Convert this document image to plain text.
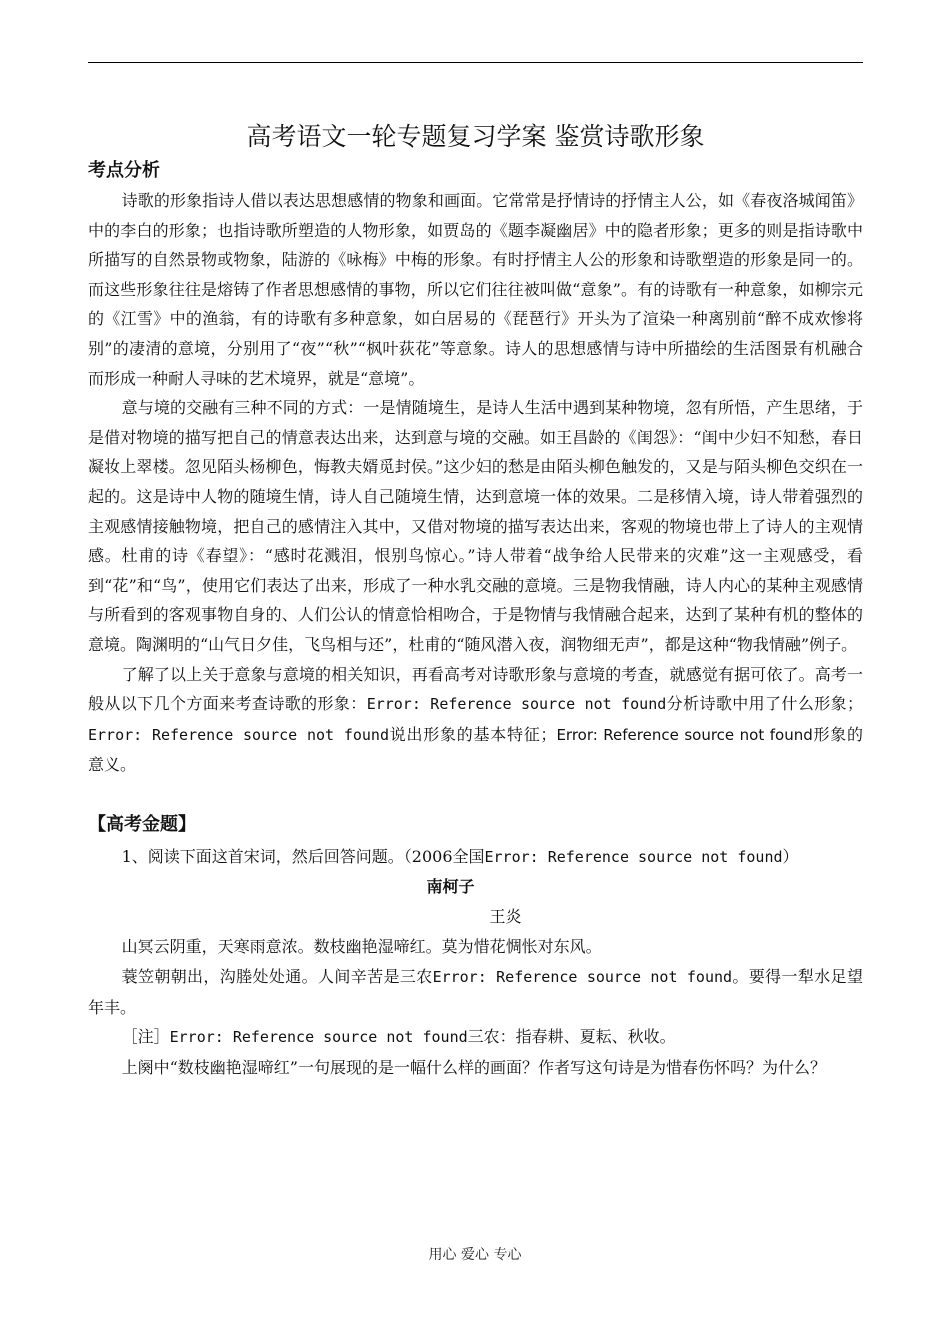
高考语文一轮专题复习学案 鉴赏诗歌形象
考点分析

诗歌的形象指诗人借以表达思想感情的物象和画面。它常常是抒情诗的抒情主人公，如《春夜洛城闻笛》中的李白的形象；也指诗歌所塑造的人物形象，如贾岛的《题李凝幽居》中的隐者形象；更多的则是指诗歌中所描写的自然景物或物象，陆游的《咏梅》中梅的形象。有时抒情主人公的形象和诗歌塑造的形象是同一的。而这些形象往往是熔铸了作者思想感情的事物，所以它们往往被叫做“意象”。有的诗歌有一种意象，如柳宗元的《江雪》中的渔翁，有的诗歌有多种意象，如白居易的《琵琶行》开头为了渲染一种离别前“醉不成欢惨将别”的凄清的意境，分别用了“夜”“秋”“枫叶荻花”等意象。诗人的思想感情与诗中所描绘的生活图景有机融合而形成一种耐人寻味的艺术境界，就是“意境”。

意与境的交融有三种不同的方式：一是情随境生，是诗人生活中遇到某种物境，忽有所悟，产生思绪，于是借对物境的描写把自己的情意表达出来，达到意与境的交融。如王昌龄的《闺怨》：“闺中少妇不知愁，春日凝妆上翠楼。忽见陌头杨柳色，悔教夫婿觅封侯。”这少妇的愁是由陌头柳色触发的，又是与陌头柳色交织在一起的。这是诗中人物的随境生情，诗人自己随境生情，达到意境一体的效果。二是移情入境，诗人带着强烈的主观感情接触物境，把自己的感情注入其中，又借对物境的描写表达出来，客观的物境也带上了诗人的主观情感。杜甫的诗《春望》：“感时花溅泪，恨别鸟惊心。”诗人带着“战争给人民带来的灾难”这一主观感受，看到“花”和“鸟”，使用它们表达了出来，形成了一种水乳交融的意境。三是物我情融，诗人内心的某种主观感情与所看到的客观事物自身的、人们公认的情意恰相吻合，于是物情与我情融合起来，达到了某种有机的整体的意境。陶渊明的“山气日夕佳，飞鸟相与还”，杜甫的“随风潜入夜，润物细无声”，都是这种“物我情融”例子。

了解了以上关于意象与意境的相关知识，再看高考对诗歌形象与意境的考查，就感觉有据可依了。高考一般从以下几个方面来考查诗歌的形象：Error: Reference source not found分析诗歌中用了什么形象；Error: Reference source not found说出形象的基本特征；Error: Reference source not found形象的意义。

【高考金题】

1、阅读下面这首宋词，然后回答问题。（2006全国Error: Reference source not found）

南柯子

王炎

山冥云阴重，天寒雨意浓。数枝幽艳湿啼红。莫为惜花惆怅对东风。

蓑笠朝朝出，沟塍处处通。人间辛苦是三农Error: Reference source not found。要得一犁水足望年丰。

［注］Error: Reference source not found三农：指春耕、夏耘、秋收。

上阕中“数枝幽艳湿啼红”一句展现的是一幅什么样的画面？作者写这句诗是为惜春伤怀吗？为什么？

用心 爱心 专心
